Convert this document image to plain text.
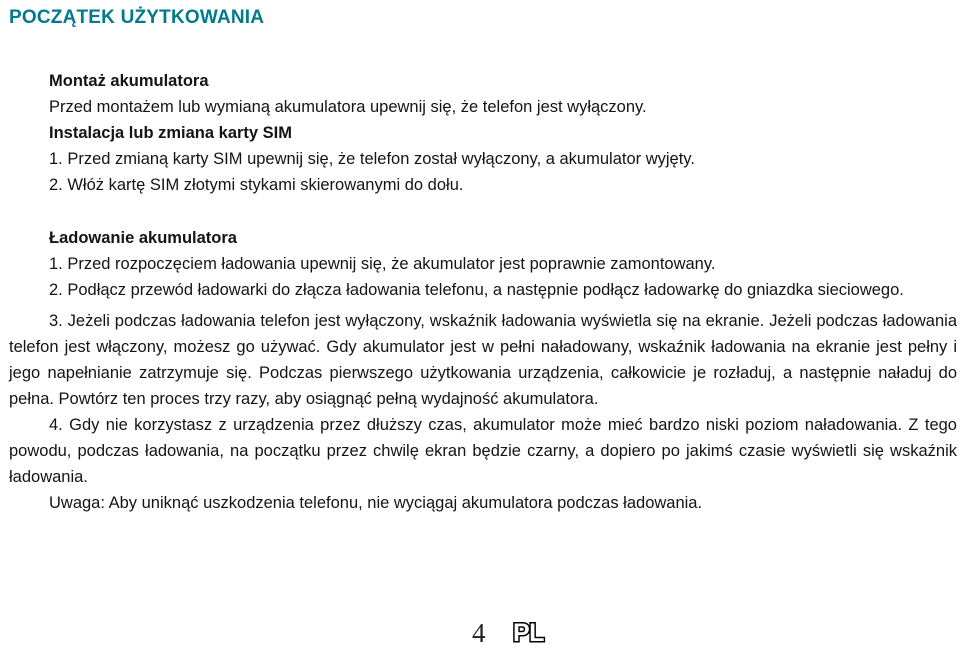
POCZĄTEK UŻYTKOWANIA

Montaż akumulatora

Przed montażem lub wymianą akumulatora upewnij się, że telefon jest wyłączony.

Instalacja lub zmiana karty SIM

1. Przed zmianą karty SIM upewnij się, że telefon został wyłączony, a akumulator wyjęty.

2. Włóż kartę SIM złotymi stykami skierowanymi do dołu.

Ładowanie akumulatora

1. Przed rozpoczęciem ładowania upewnij się, że akumulator jest poprawnie zamontowany.

2. Podłącz przewód ładowarki do złącza ładowania telefonu, a następnie podłącz ładowarkę do gniazdka sieciowego.

3. Jeżeli podczas ładowania telefon jest wyłączony, wskaźnik ładowania wyświetla się na ekranie. Jeżeli podczas ładowania telefon jest włączony, możesz go używać. Gdy akumulator jest w pełni naładowany, wskaźnik ładowania na ekranie jest pełny i jego napełnianie zatrzymuje się. Podczas pierwszego użytkowania urządzenia, całkowicie je rozładuj, a następnie naładuj do pełna. Powtórz ten proces trzy razy, aby osiągnąć pełną wydajność akumulatora.

4. Gdy nie korzystasz z urządzenia przez dłuższy czas, akumulator może mieć bardzo niski poziom naładowania. Z tego powodu, podczas ładowania, na początku przez chwilę ekran będzie czarny, a dopiero po jakimś czasie wyświetli się wskaźnik ładowania.

Uwaga: Aby uniknąć uszkodzenia telefonu, nie wyciągaj akumulatora podczas ładowania.

4 PL
